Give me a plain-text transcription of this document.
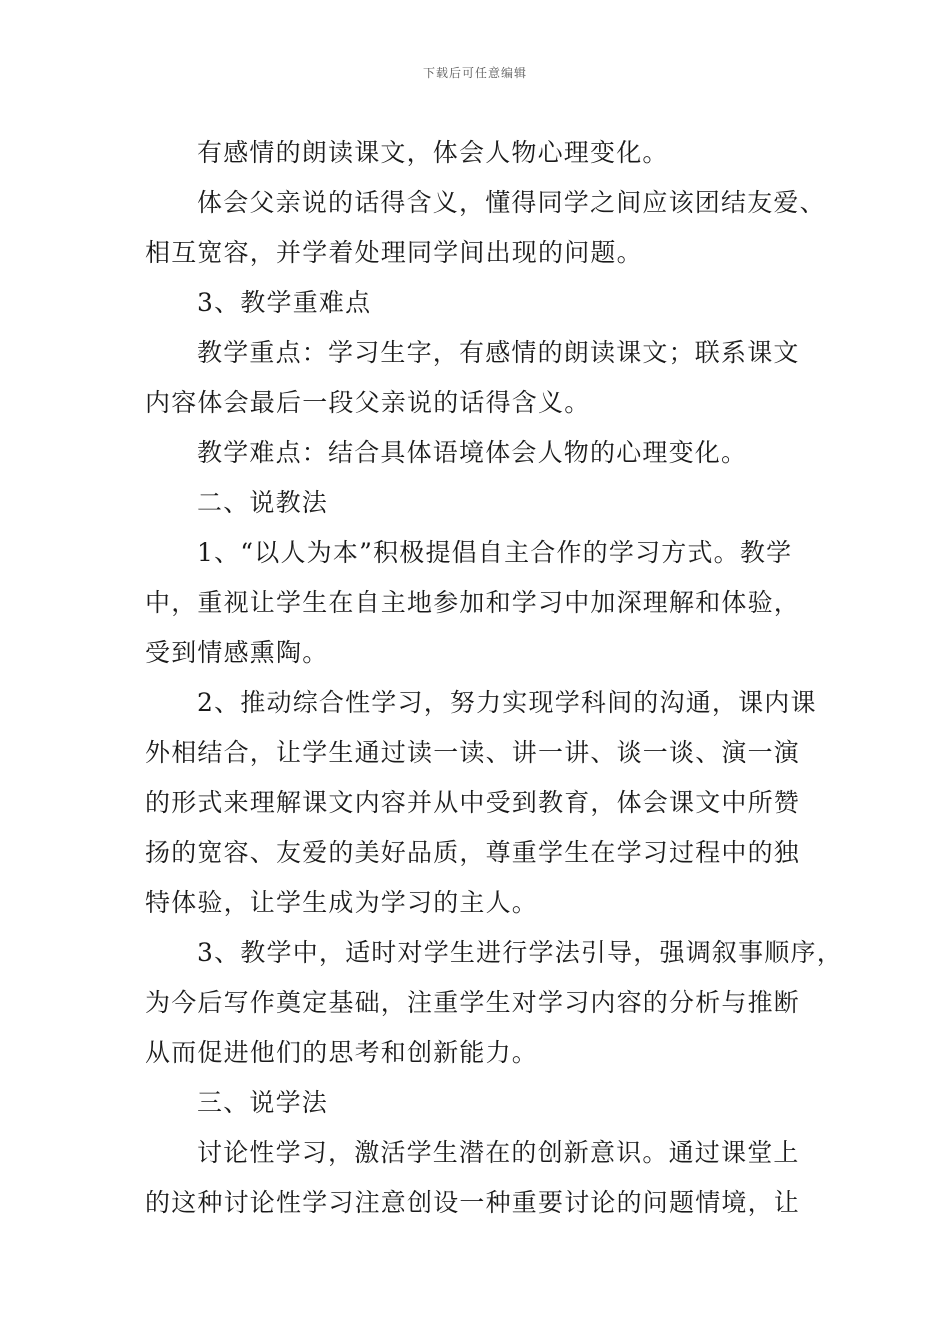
下载后可任意编辑
有感情的朗读课文，体会人物心理变化。
体会父亲说的话得含义，懂得同学之间应该团结友爱、
相互宽容，并学着处理同学间出现的问题。
3、教学重难点
教学重点：学习生字，有感情的朗读课文；联系课文
内容体会最后一段父亲说的话得含义。
教学难点：结合具体语境体会人物的心理变化。
二、说教法
1、“以人为本”积极提倡自主合作的学习方式。教学
中，重视让学生在自主地参加和学习中加深理解和体验，
受到情感熏陶。
2、推动综合性学习，努力实现学科间的沟通，课内课
外相结合，让学生通过读一读、讲一讲、谈一谈、演一演
的形式来理解课文内容并从中受到教育，体会课文中所赞
扬的宽容、友爱的美好品质，尊重学生在学习过程中的独
特体验，让学生成为学习的主人。
3、教学中，适时对学生进行学法引导，强调叙事顺序，
为今后写作奠定基础，注重学生对学习内容的分析与推断
从而促进他们的思考和创新能力。
三、说学法
讨论性学习，激活学生潜在的创新意识。通过课堂上
的这种讨论性学习注意创设一种重要讨论的问题情境，让
